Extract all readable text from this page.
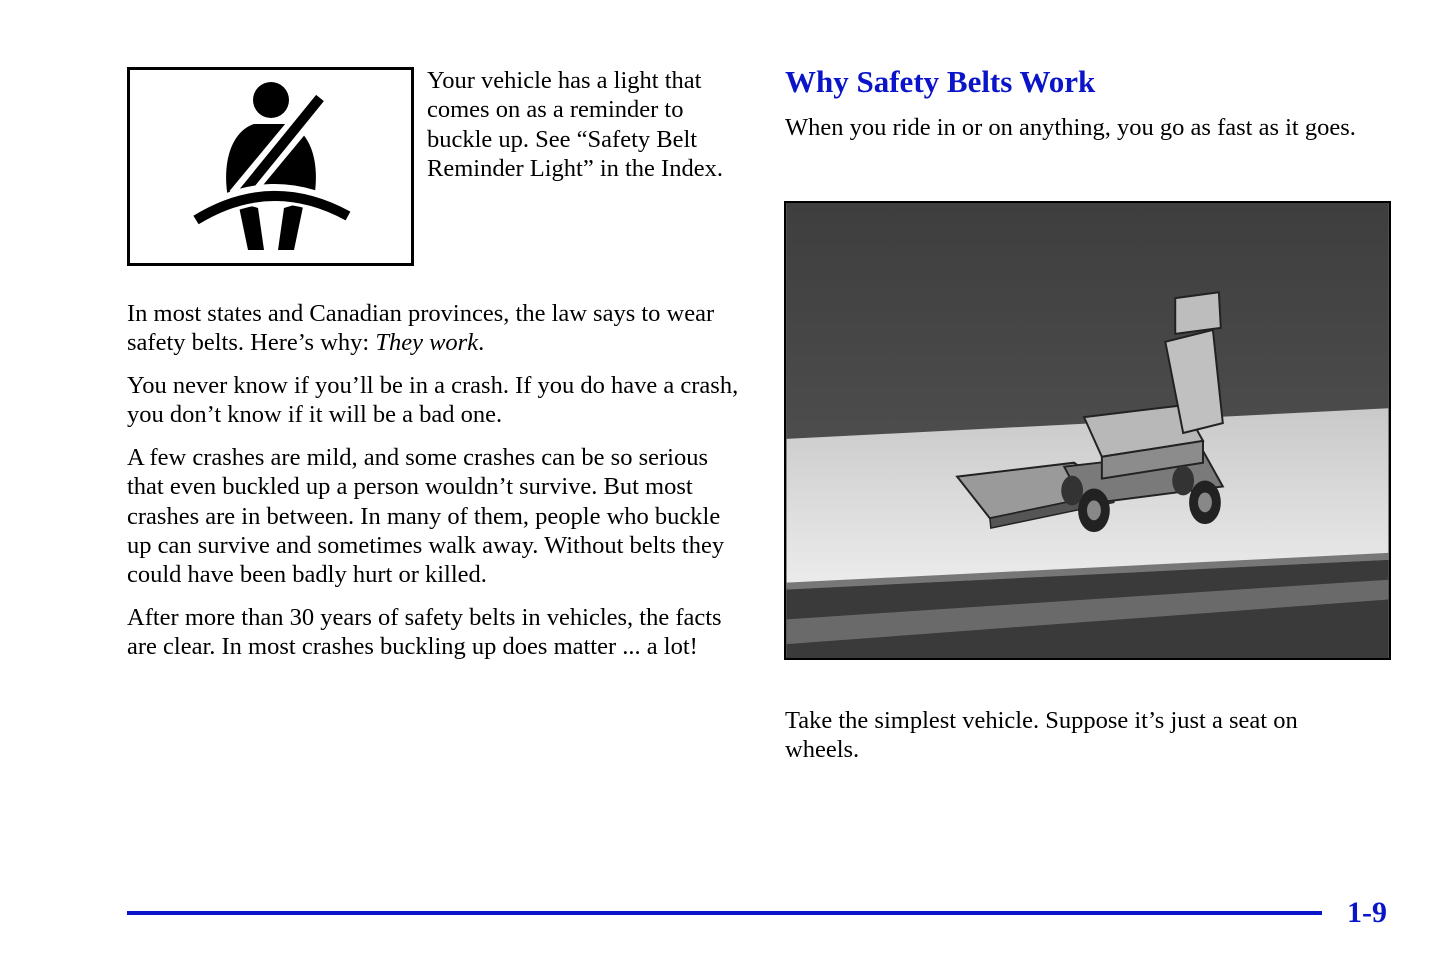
Your vehicle has a light that comes on as a reminder to buckle up. See “Safety Belt Reminder Light” in the Index.

In most states and Canadian provinces, the law says to wear safety belts. Here’s why: They work.

You never know if you’ll be in a crash. If you do have a crash, you don’t know if it will be a bad one.

A few crashes are mild, and some crashes can be so serious that even buckled up a person wouldn’t survive. But most crashes are in between. In many of them, people who buckle up can survive and sometimes walk away. Without belts they could have been badly hurt or killed.

After more than 30 years of safety belts in vehicles, the facts are clear. In most crashes buckling up does matter ... a lot!

Why Safety Belts Work

When you ride in or on anything, you go as fast as it goes.

Take the simplest vehicle. Suppose it’s just a seat on wheels.

1-9
